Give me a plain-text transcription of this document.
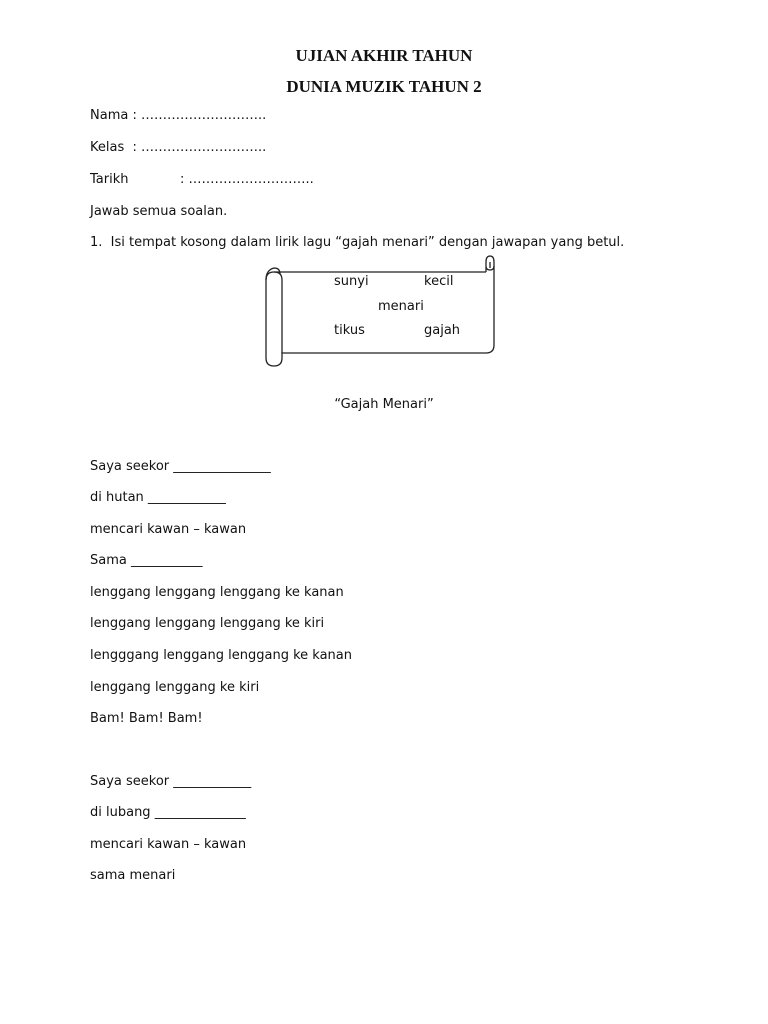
UJIAN AKHIR TAHUN
DUNIA MUZIK TAHUN 2
Nama : ………………………..
Kelas  : ………………………..
Tarikh	: ………………………..
Jawab semua soalan.
1.  Isi tempat kosong dalam lirik lagu “gajah menari” dengan jawapan yang betul.
sunyi	kecil
menari
tikus	gajah
“Gajah Menari”
Saya seekor _______________
di hutan ____________
mencari kawan – kawan
Sama ___________
lenggang lenggang lenggang ke kanan
lenggang lenggang lenggang ke kiri
lengggang lenggang lenggang ke kanan
lenggang lenggang ke kiri
Bam! Bam! Bam!
Saya seekor ____________
di lubang ______________
mencari kawan – kawan
sama menari
